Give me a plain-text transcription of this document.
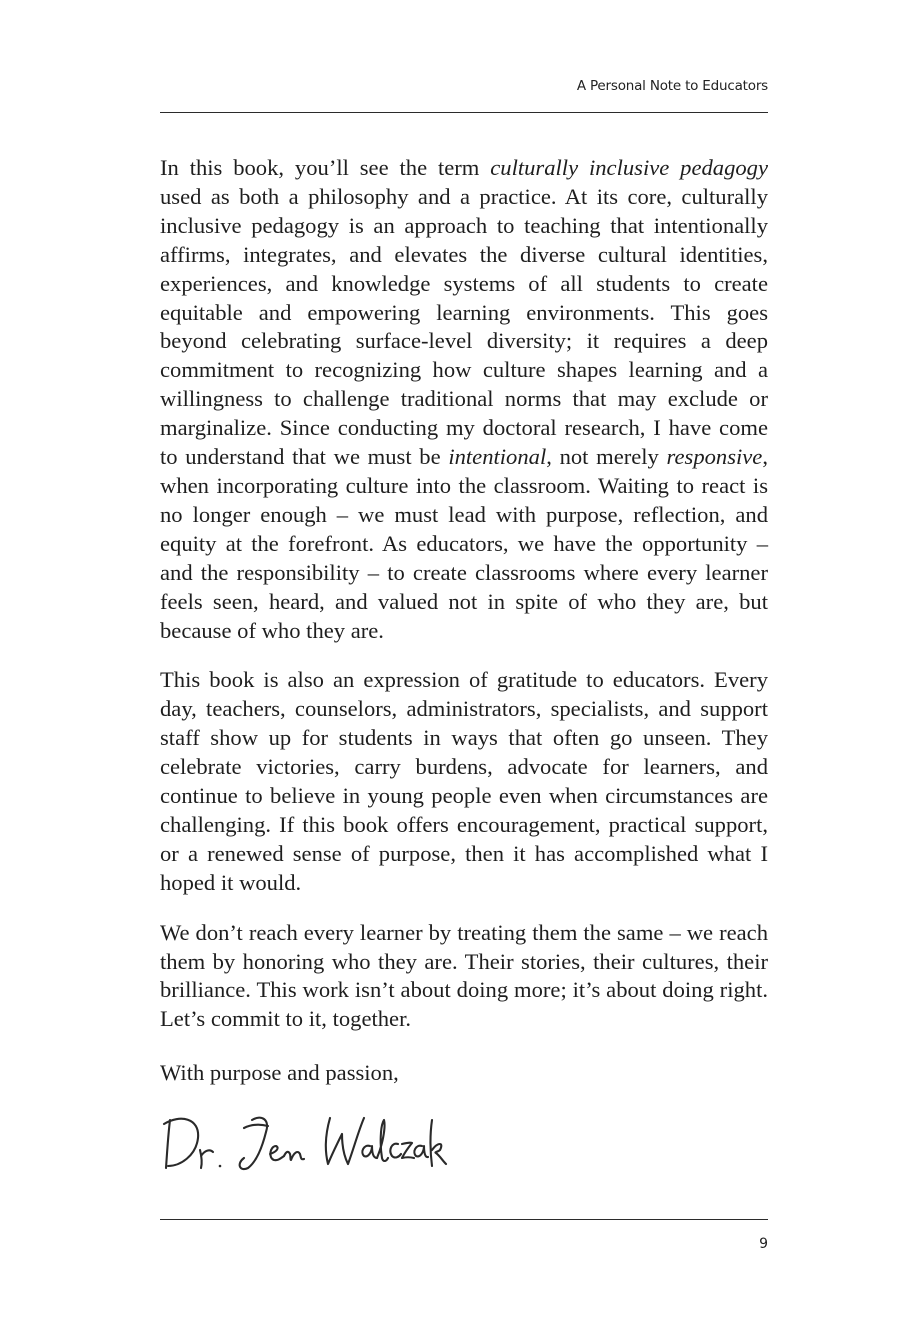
A Personal Note to Educators

In this book, you’ll see the term culturally inclusive pedagogy used as both a philosophy and a practice. At its core, culturally inclusive pedagogy is an approach to teaching that intentionally affirms, integrates, and elevates the diverse cultural identities, experiences, and knowledge systems of all students to create equitable and empowering learning environments. This goes beyond celebrating surface-level diversity; it requires a deep commitment to recognizing how culture shapes learning and a willingness to challenge traditional norms that may exclude or marginalize. Since conducting my doctoral research, I have come to understand that we must be intentional, not merely responsive, when incorporating culture into the classroom. Waiting to react is no longer enough – we must lead with purpose, reflection, and equity at the forefront. As educators, we have the opportunity – and the responsibility – to create classrooms where every learner feels seen, heard, and valued not in spite of who they are, but because of who they are.

This book is also an expression of gratitude to educators. Every day, teachers, counselors, administrators, specialists, and support staff show up for students in ways that often go unseen. They celebrate victories, carry burdens, advocate for learners, and continue to believe in young people even when circumstances are challenging. If this book offers encouragement, practical support, or a renewed sense of purpose, then it has accomplished what I hoped it would.

We don’t reach every learner by treating them the same – we reach them by honoring who they are. Their stories, their cultures, their brilliance. This work isn’t about doing more; it’s about doing right. Let’s commit to it, together.

With purpose and passion,
9
